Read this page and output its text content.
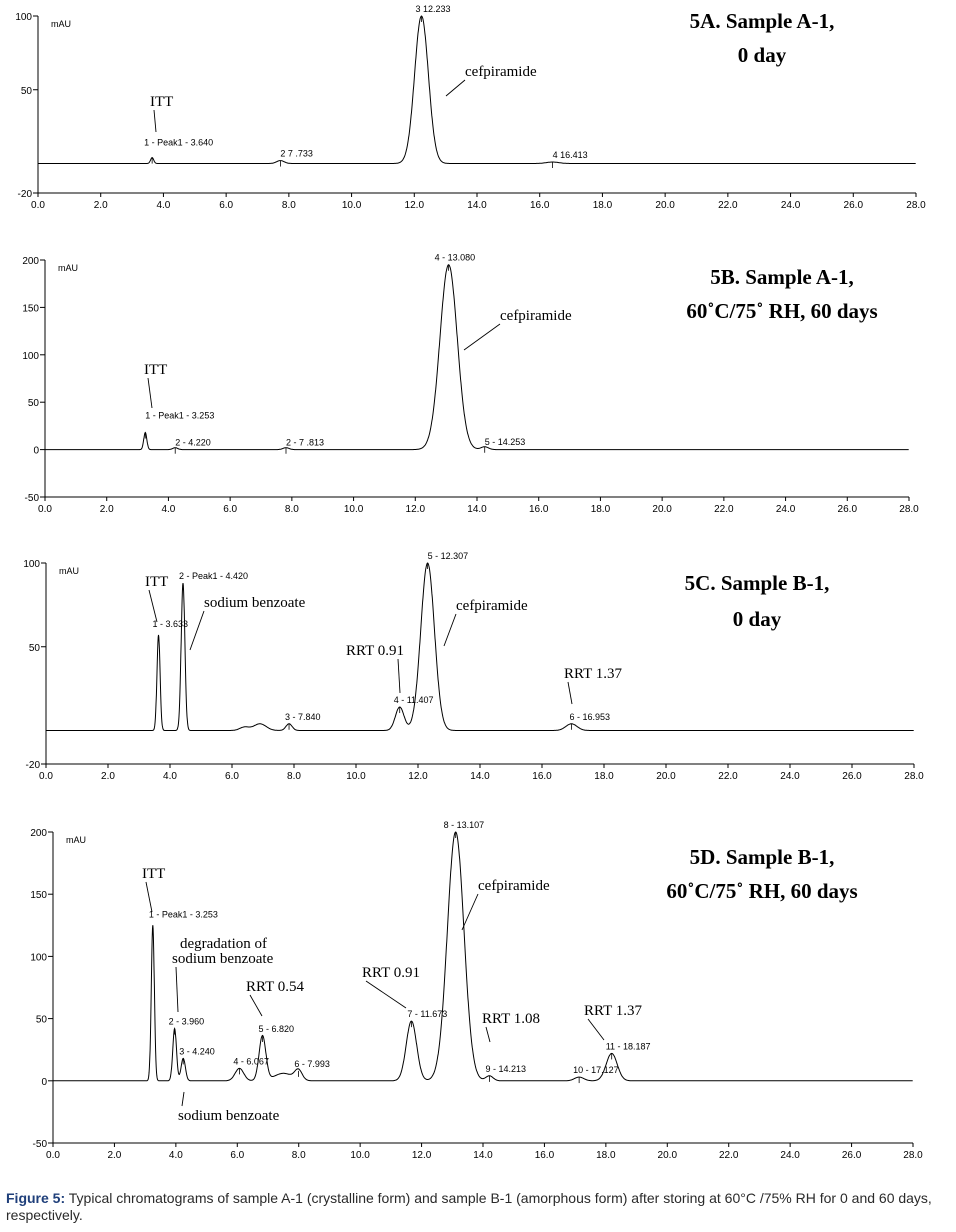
-20
50
100
mAU
0.0	2.0	4.0	6.0	8.0	10.0	12.0	14.0	16.0	18.0	20.0	22.0	24.0	26.0	28.0
1 - Peak1 - 3.640
2 7 .733
3 12.233
4 16.413
ITT
cefpiramide
5A. Sample A-1,
0 day
-50
0
50
100
150
200
mAU
0.0	2.0	4.0	6.0	8.0	10.0	12.0	14.0	16.0	18.0	20.0	22.0	24.0	26.0	28.0
1 - Peak1 - 3.253
2 - 4.220	2 - 7 .813
4 - 13.080
5 - 14.253
ITT
cefpiramide
5B. Sample A-1,
60˚C/75˚ RH, 60 days
-20
50
100
mAU
0.0	2.0	4.0	6.0	8.0	10.0	12.0	14.0	16.0	18.0	20.0	22.0	24.0	26.0	28.0
1 - 3.633
2 - Peak1 - 4.420
3 - 7.840
4 - 11.407
5 - 12.307
6 - 16.953
ITT
sodium benzoate
RRT 0.91
cefpiramide
RRT 1.37
5C. Sample B-1,
0 day
-50
0
50
100
150
200
mAU
0.0	2.0	4.0	6.0	8.0	10.0	12.0	14.0	16.0	18.0	20.0	22.0	24.0	26.0	28.0
1 - Peak1 - 3.253
2 - 3.960
3 - 4.240
4 - 6.067
5 - 6.820
6 - 7.993
7 - 11.673
8 - 13.107
9 - 14.213	10 - 17.127
11 - 18.187
ITT
degradation of
sodium benzoate
sodium benzoate
RRT 0.54
RRT 0.91
cefpiramide
RRT 1.08	RRT 1.37
5D. Sample B-1,
60˚C/75˚ RH, 60 days
Figure 5: Typical chromatograms of sample A-1 (crystalline form) and sample B-1 (amorphous form) after storing at 60°C /75% RH for 0 and 60 days, respectively.
